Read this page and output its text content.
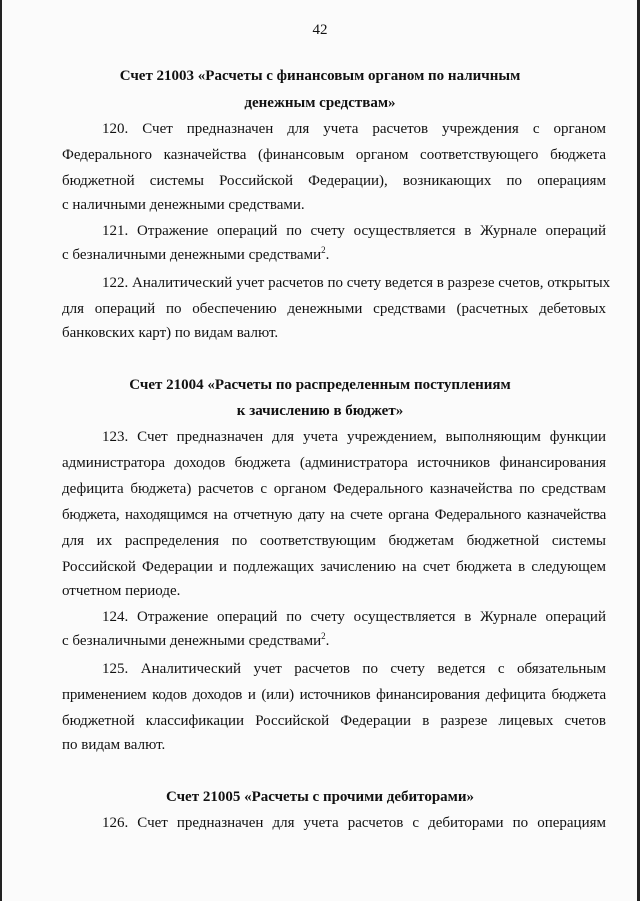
42
Счет 21003 «Расчеты с финансовым органом по наличным
денежным средствам»
120. Счет предназначен для учета расчетов учреждения с органом
Федерального казначейства (финансовым органом соответствующего бюджета
бюджетной системы Российской Федерации), возникающих по операциям
с наличными денежными средствами.
121. Отражение операций по счету осуществляется в Журнале операций
с безналичными денежными средствами$^2$.
122. Аналитический учет расчетов по счету ведется в разрезе счетов, открытых
для операций по обеспечению денежными средствами (расчетных дебетовых
банковских карт) по видам валют.
Счет 21004 «Расчеты по распределенным поступлениям
к зачислению в бюджет»
123. Счет предназначен для учета учреждением, выполняющим функции
администратора доходов бюджета (администратора источников финансирования
дефицита бюджета) расчетов с органом Федерального казначейства по средствам
бюджета, находящимся на отчетную дату на счете органа Федерального казначейства
для их распределения по соответствующим бюджетам бюджетной системы
Российской Федерации и подлежащих зачислению на счет бюджета в следующем
отчетном периоде.
124. Отражение операций по счету осуществляется в Журнале операций
с безналичными денежными средствами$^2$.
125. Аналитический учет расчетов по счету ведется с обязательным
применением кодов доходов и (или) источников финансирования дефицита бюджета
бюджетной классификации Российской Федерации в разрезе лицевых счетов
по видам валют.
Счет 21005 «Расчеты с прочими дебиторами»
126. Счет предназначен для учета расчетов с дебиторами по операциям
